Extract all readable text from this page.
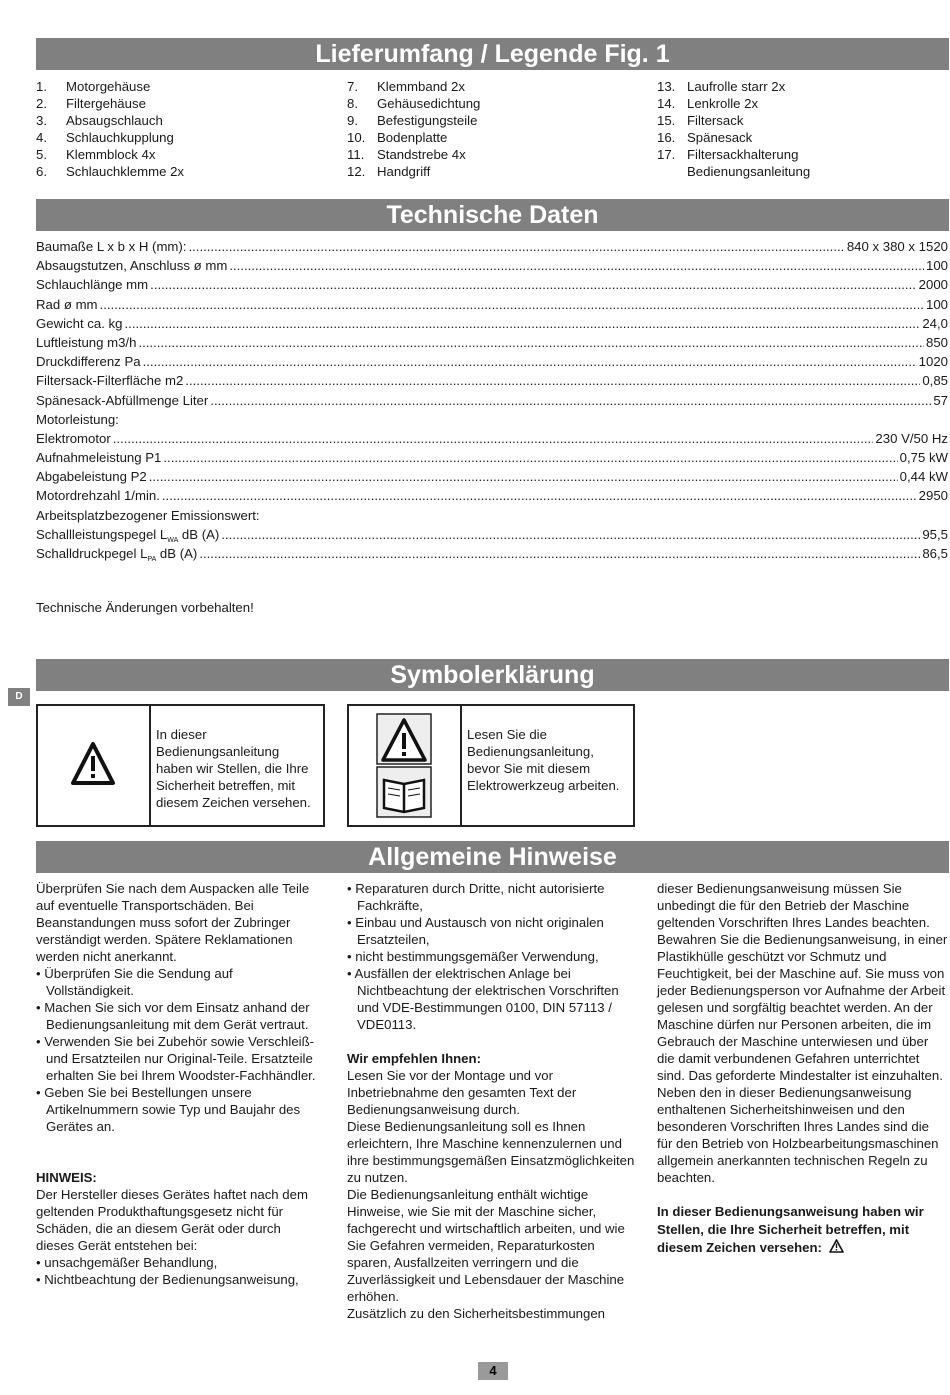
Lieferumfang / Legende Fig. 1
Technische Daten
Symbolerklärung
Allgemeine Hinweise
1. Motorgehäuse
2. Filtergehäuse
3. Absaugschlauch
4. Schlauchkupplung
5. Klemmblock 4x
6. Schlauchklemme 2x
7. Klemmband 2x
8. Gehäusedichtung
9. Befestigungsteile
10. Bodenplatte
11. Standstrebe 4x
12. Handgriff
13. Laufrolle starr 2x
14. Lenkrolle 2x
15. Filtersack
16. Spänesack
17. Filtersackhalterung
Bedienungsanleitung
Baumaße L x b x H (mm): .....	840 x 380 x 1520
Absaugstutzen, Anschluss ø mm .....	100
Schlauchlänge mm .....	2000
Rad ø mm .....	100
Gewicht ca. kg .....	24,0
Luftleistung m3/h .....	850
Druckdifferenz Pa .....	1020
Filtersack-Filterfläche m2 .....	0,85
Spänesack-Abfüllmenge Liter .....	57
Motorleistung:
Elektromotor .....	230 V/50 Hz
Aufnahmeleistung P1 .....	0,75 kW
Abgabeleistung P2 .....	0,44 kW
Motordrehzahl 1/min. .....	2950
Arbeitsplatzbezogener Emissionswert:
Schallleistungspegel $L_{WA}$ dB (A) .....	95,5
Schalldruckpegel $L_{PA}$ dB (A) .....	86,5
Technische Änderungen vorbehalten!
D
In dieser Bedienungsanleitung haben wir Stellen, die Ihre Sicherheit betreffen, mit diesem Zeichen versehen.
Lesen Sie die Bedienungsanleitung, bevor Sie mit diesem Elektrowerkzeug arbeiten.

Überprüfen Sie nach dem Auspacken alle Teile auf eventuelle Transportschäden. Bei Beanstandungen muss sofort der Zubringer verständigt werden. Spätere Reklamationen werden nicht anerkannt.

• Überprüfen Sie die Sendung auf Vollständigkeit.

• Machen Sie sich vor dem Einsatz anhand der Bedienungsanleitung mit dem Gerät vertraut.

• Verwenden Sie bei Zubehör sowie Verschleiß- und Ersatzteilen nur Original-Teile. Ersatzteile erhalten Sie bei Ihrem Woodster-Fachhändler.

• Geben Sie bei Bestellungen unsere Artikelnummern sowie Typ und Baujahr des Gerätes an.

HINWEIS:

Der Hersteller dieses Gerätes haftet nach dem geltenden Produkthaftungsgesetz nicht für Schäden, die an diesem Gerät oder durch dieses Gerät entstehen bei:

• unsachgemäßer Behandlung,

• Nichtbeachtung der Bedienungsanweisung,

• Reparaturen durch Dritte, nicht autorisierte Fachkräfte,

• Einbau und Austausch von nicht originalen Ersatzteilen,

• nicht bestimmungsgemäßer Verwendung,

• Ausfällen der elektrischen Anlage bei Nichtbeachtung der elektrischen Vorschriften und VDE-Bestimmungen 0100, DIN 57113 / VDE0113.

Wir empfehlen Ihnen:

Lesen Sie vor der Montage und vor Inbetriebnahme den gesamten Text der Bedienungsanweisung durch.

Diese Bedienungsanleitung soll es Ihnen erleichtern, Ihre Maschine kennenzulernen und ihre bestimmungsgemäßen Einsatzmöglichkeiten zu nutzen.

Die Bedienungsanleitung enthält wichtige Hinweise, wie Sie mit der Maschine sicher, fachgerecht und wirtschaftlich arbeiten, und wie Sie Gefahren vermeiden, Reparaturkosten sparen, Ausfallzeiten verringern und die Zuverlässigkeit und Lebensdauer der Maschine erhöhen.

Zusätzlich zu den Sicherheitsbestimmungen

dieser Bedienungsanweisung müssen Sie unbedingt die für den Betrieb der Maschine geltenden Vorschriften Ihres Landes beachten.

Bewahren Sie die Bedienungsanweisung, in einer Plastikhülle geschützt vor Schmutz und Feuchtigkeit, bei der Maschine auf. Sie muss von jeder Bedienungsperson vor Aufnahme der Arbeit gelesen und sorgfältig beachtet werden. An der Maschine dürfen nur Personen arbeiten, die im Gebrauch der Maschine unterwiesen und über die damit verbundenen Gefahren unterrichtet sind. Das geforderte Mindestalter ist einzuhalten.

Neben den in dieser Bedienungsanweisung enthaltenen Sicherheitshinweisen und den besonderen Vorschriften Ihres Landes sind die für den Betrieb von Holzbearbeitungsmaschinen allgemein anerkannten technischen Regeln zu beachten.

In dieser Bedienungsanweisung haben wir Stellen, die Ihre Sicherheit betreffen, mit diesem Zeichen versehen:

4
